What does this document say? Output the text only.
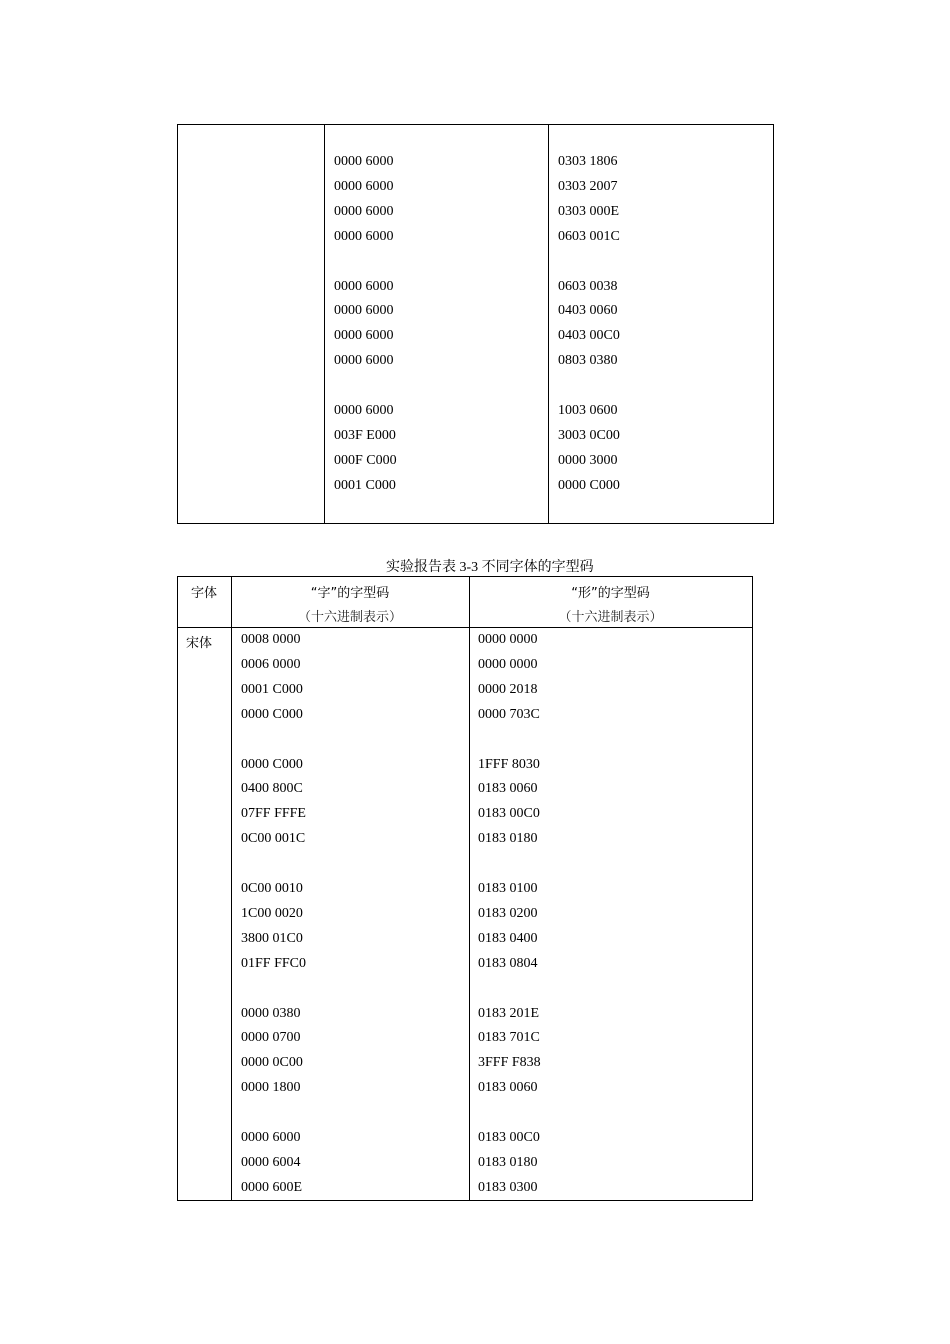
0000 6000
0000 6000
0000 6000
0000 6000
0000 6000
0000 6000
0000 6000
0000 6000
0000 6000
003F E000
000F C000
0001 C000
0303 1806
0303 2007
0303 000E
0603 001C
0603 0038
0403 0060
0403 00C0
0803 0380
1003 0600
3003 0C00
0000 3000
0000 C000
实验报告表 3-3 不同字体的字型码
字体	“字”的字型码
（十六进制表示）
“形”的字型码
（十六进制表示）
宋体 0008 0000
0006 0000
0001 C000
0000 C000
0000 C000
0400 800C
07FF FFFE
0C00 001C
0C00 0010
1C00 0020
3800 01C0
01FF FFC0
0000 0380
0000 0700
0000 0C00
0000 1800
0000 6000
0000 6004
0000 600E
0000 0000
0000 0000
0000 2018
0000 703C
1FFF 8030
0183 0060
0183 00C0
0183 0180
0183 0100
0183 0200
0183 0400
0183 0804
0183 201E
0183 701C
3FFF F838
0183 0060
0183 00C0
0183 0180
0183 0300
